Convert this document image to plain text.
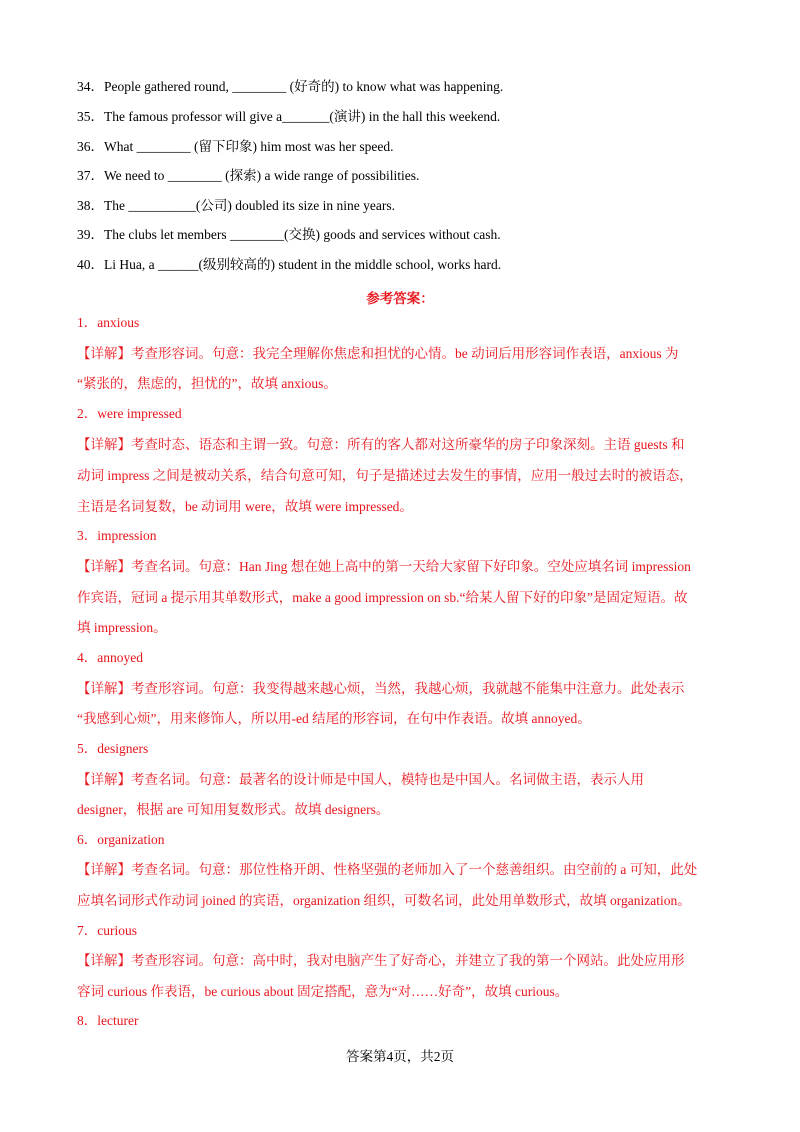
34．People gathered round, ________ (好奇的) to know what was happening.
35．The famous professor will give a_______(演讲) in the hall this weekend.
36．What ________ (留下印象) him most was her speed.
37．We need to ________ (探索) a wide range of possibilities.
38．The __________(公司) doubled its size in nine years.
39．The clubs let members ________(交换) goods and services without cash.
40．Li Hua, a ______(级别较高的) student in the middle school, works hard.
参考答案：
1．anxious
【详解】考查形容词。句意：我完全理解你焦虑和担忧的心情。be 动词后用形容词作表语，anxious 为
“紧张的，焦虑的，担忧的”，故填 anxious。
2．were impressed
【详解】考查时态、语态和主谓一致。句意：所有的客人都对这所豪华的房子印象深刻。主语 guests 和
动词 impress 之间是被动关系，结合句意可知，句子是描述过去发生的事情，应用一般过去时的被语态，
主语是名词复数，be 动词用 were，故填 were impressed。
3．impression
【详解】考查名词。句意：Han Jing 想在她上高中的第一天给大家留下好印象。空处应填名词 impression
作宾语，冠词 a 提示用其单数形式，make a good impression on sb.“给某人留下好的印象”是固定短语。故
填 impression。
4．annoyed
【详解】考查形容词。句意：我变得越来越心烦，当然，我越心烦，我就越不能集中注意力。此处表示
“我感到心烦”，用来修饰人，所以用-ed 结尾的形容词，在句中作表语。故填 annoyed。
5．designers
【详解】考查名词。句意：最著名的设计师是中国人，模特也是中国人。名词做主语，表示人用
designer，根据 are 可知用复数形式。故填 designers。
6．organization
【详解】考查名词。句意：那位性格开朗、性格坚强的老师加入了一个慈善组织。由空前的 a 可知，此处
应填名词形式作动词 joined 的宾语，organization 组织，可数名词，此处用单数形式，故填 organization。
7．curious
【详解】考查形容词。句意：高中时，我对电脑产生了好奇心，并建立了我的第一个网站。此处应用形
容词 curious 作表语，be curious about 固定搭配，意为“对……好奇”，故填 curious。
8．lecturer
答案第4页，共2页
